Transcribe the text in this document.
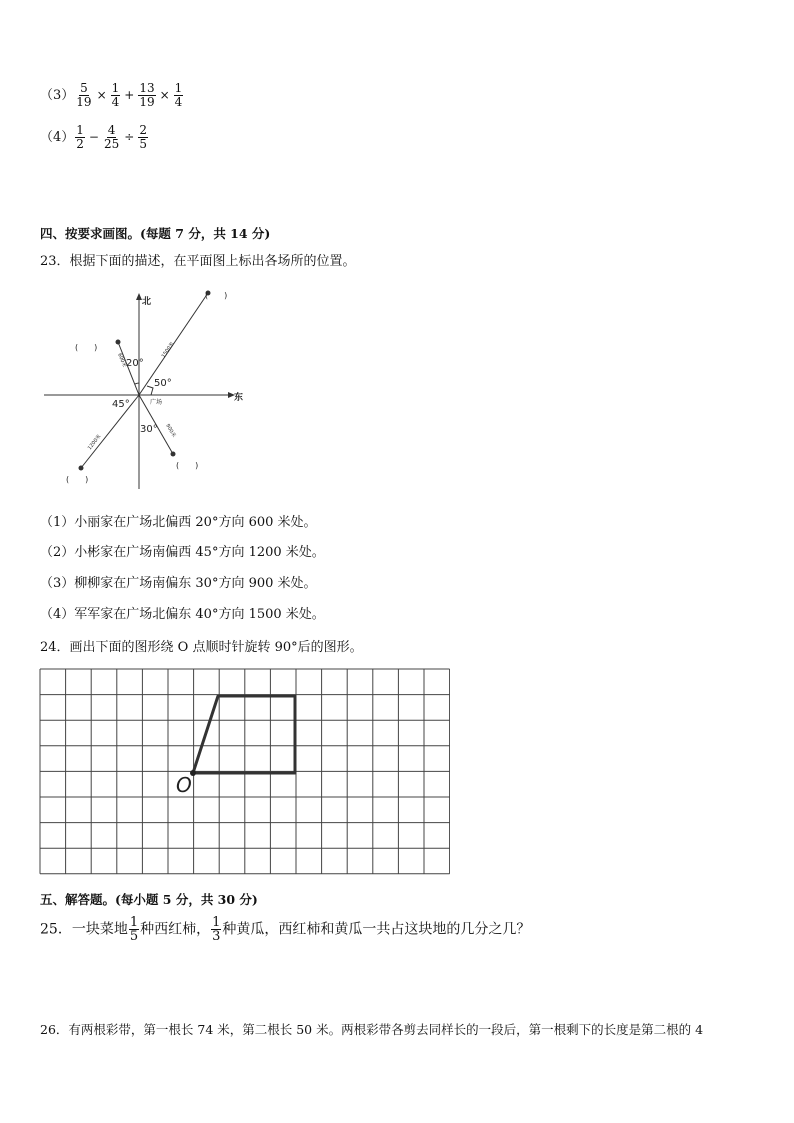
$(3) \frac{5}{19} \times \frac{1}{4} + \frac{13}{19} \times \frac{1}{4}$
$(4) \frac{1}{2} - \frac{4}{25} \div \frac{2}{5}$
四、按要求画图。(每题 7 分，共 14 分)
23．根据下面的描述，在平面图上标出各场所的位置。
北
东
广场
20°
50°
45°
30°
(　　)
(　　)
(　　)
(　　)
600米
1500米
1200米
900米
（1）小丽家在广场北偏西 20°方向 600 米处。
（2）小彬家在广场南偏西 45°方向 1200 米处。
（3）柳柳家在广场南偏东 30°方向 900 米处。
（4）军军家在广场北偏东 40°方向 1500 米处。
24．画出下面的图形绕 O 点顺时针旋转 90°后的图形。
O
五、解答题。(每小题 5 分，共 30 分)
25．一块菜地 $\frac{1}{5}$ 种西红柿， $\frac{1}{3}$ 种黄瓜，西红柿和黄瓜一共占这块地的几分之几？
26．有两根彩带，第一根长 74 米，第二根长 50 米。两根彩带各剪去同样长的一段后，第一根剩下的长度是第二根的 4
